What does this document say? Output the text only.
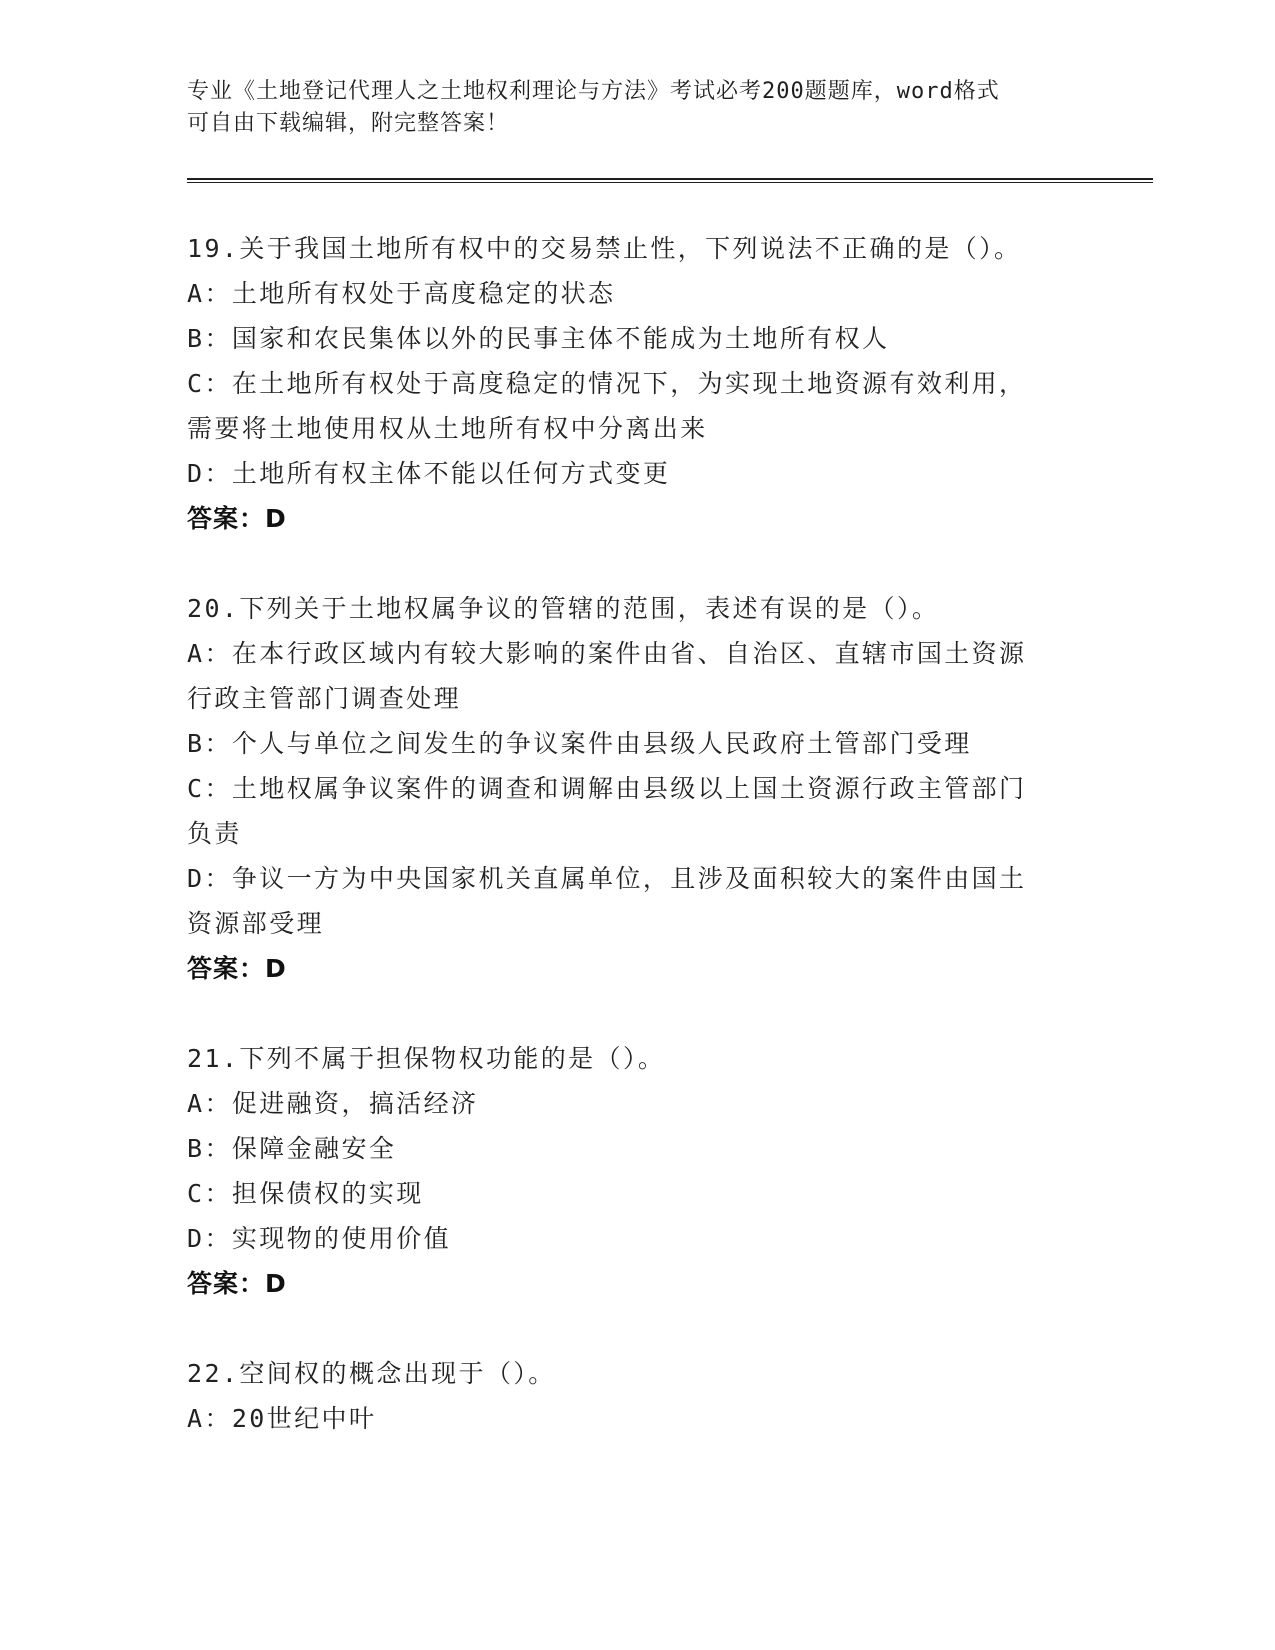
专业《土地登记代理人之土地权利理论与方法》考试必考200题题库，word格式
可自由下载编辑，附完整答案！
19.关于我国土地所有权中的交易禁止性，下列说法不正确的是（）。
A：土地所有权处于高度稳定的状态
B：国家和农民集体以外的民事主体不能成为土地所有权人
C：在土地所有权处于高度稳定的情况下，为实现土地资源有效利用，
需要将土地使用权从土地所有权中分离出来
D：土地所有权主体不能以任何方式变更
答案：D
20.下列关于土地权属争议的管辖的范围，表述有误的是（）。
A：在本行政区域内有较大影响的案件由省、自治区、直辖市国土资源
行政主管部门调查处理
B：个人与单位之间发生的争议案件由县级人民政府土管部门受理
C：土地权属争议案件的调查和调解由县级以上国土资源行政主管部门
负责
D：争议一方为中央国家机关直属单位，且涉及面积较大的案件由国土
资源部受理
答案：D
21.下列不属于担保物权功能的是（）。
A：促进融资，搞活经济
B：保障金融安全
C：担保债权的实现
D：实现物的使用价值
答案：D
22.空间权的概念出现于（）。
A：20世纪中叶
